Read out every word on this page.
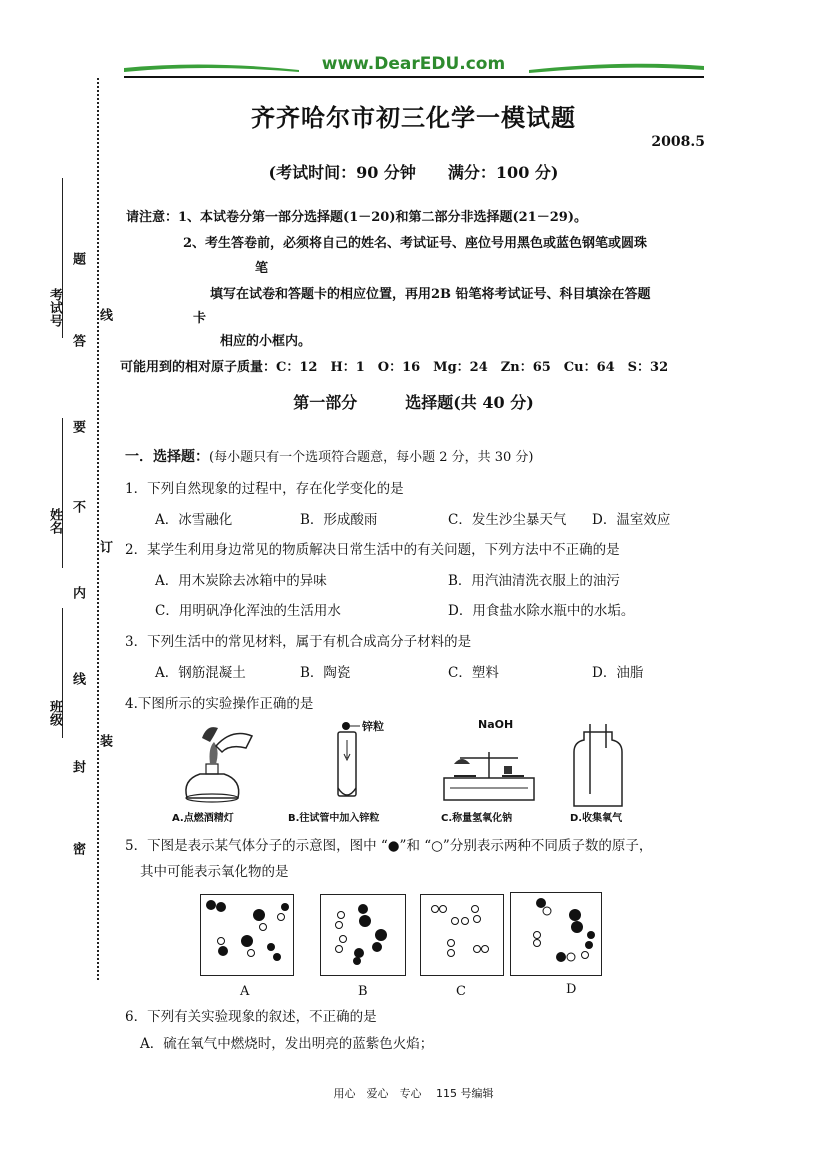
www.DearEDU.com
齐齐哈尔市初三化学一模试题
2008.5
(考试时间：90 分钟　　满分：100 分)
请注意：1、本试卷分第一部分选择题(1－20)和第二部分非选择题(21－29)。
2、考生答卷前，必须将自己的姓名、考试证号、座位号用黑色或蓝色钢笔或圆珠
笔
填写在试卷和答题卡的相应位置，再用2B 铅笔将考试证号、科目填涂在答题
卡
相应的小框内。
可能用到的相对原子质量：C：12　H：1　O：16　Mg：24　Zn：65　Cu：64　S：32
第一部分　　　选择题(共 40 分)
一．选择题：(每小题只有一个选项符合题意，每小题 2 分，共 30 分)
1．下列自然现象的过程中，存在化学变化的是
A．冰雪融化	B．形成酸雨	C．发生沙尘暴天气 D．温室效应
2．某学生利用身边常见的物质解决日常生活中的有关问题，下列方法中不正确的是
A．用木炭除去冰箱中的异味	B．用汽油清洗衣服上的油污
C．用明矾净化浑浊的生活用水	D．用食盐水除水瓶中的水垢。
3．下列生活中的常见材料，属于有机合成高分子材料的是
A．钢筋混凝土	B．陶瓷	C．塑料	D．油脂
4.下图所示的实验操作正确的是
A.点燃酒精灯
锌粒
B.往试管中加入锌粒
NaOH
C.称量氢氧化钠	D.收集氧气
5．下图是表示某气体分子的示意图，图中 “●”和 “○”分别表示两种不同质子数的原子，
其中可能表示氧化物的是
A	B	C	D
6．下列有关实验现象的叙述，不正确的是
A．硫在氧气中燃烧时，发出明亮的蓝紫色火焰；
考试号
题
答
线
要
姓名
不
订
内
线
班级
装
封
密
用心　爱心　专心　 115 号编辑
